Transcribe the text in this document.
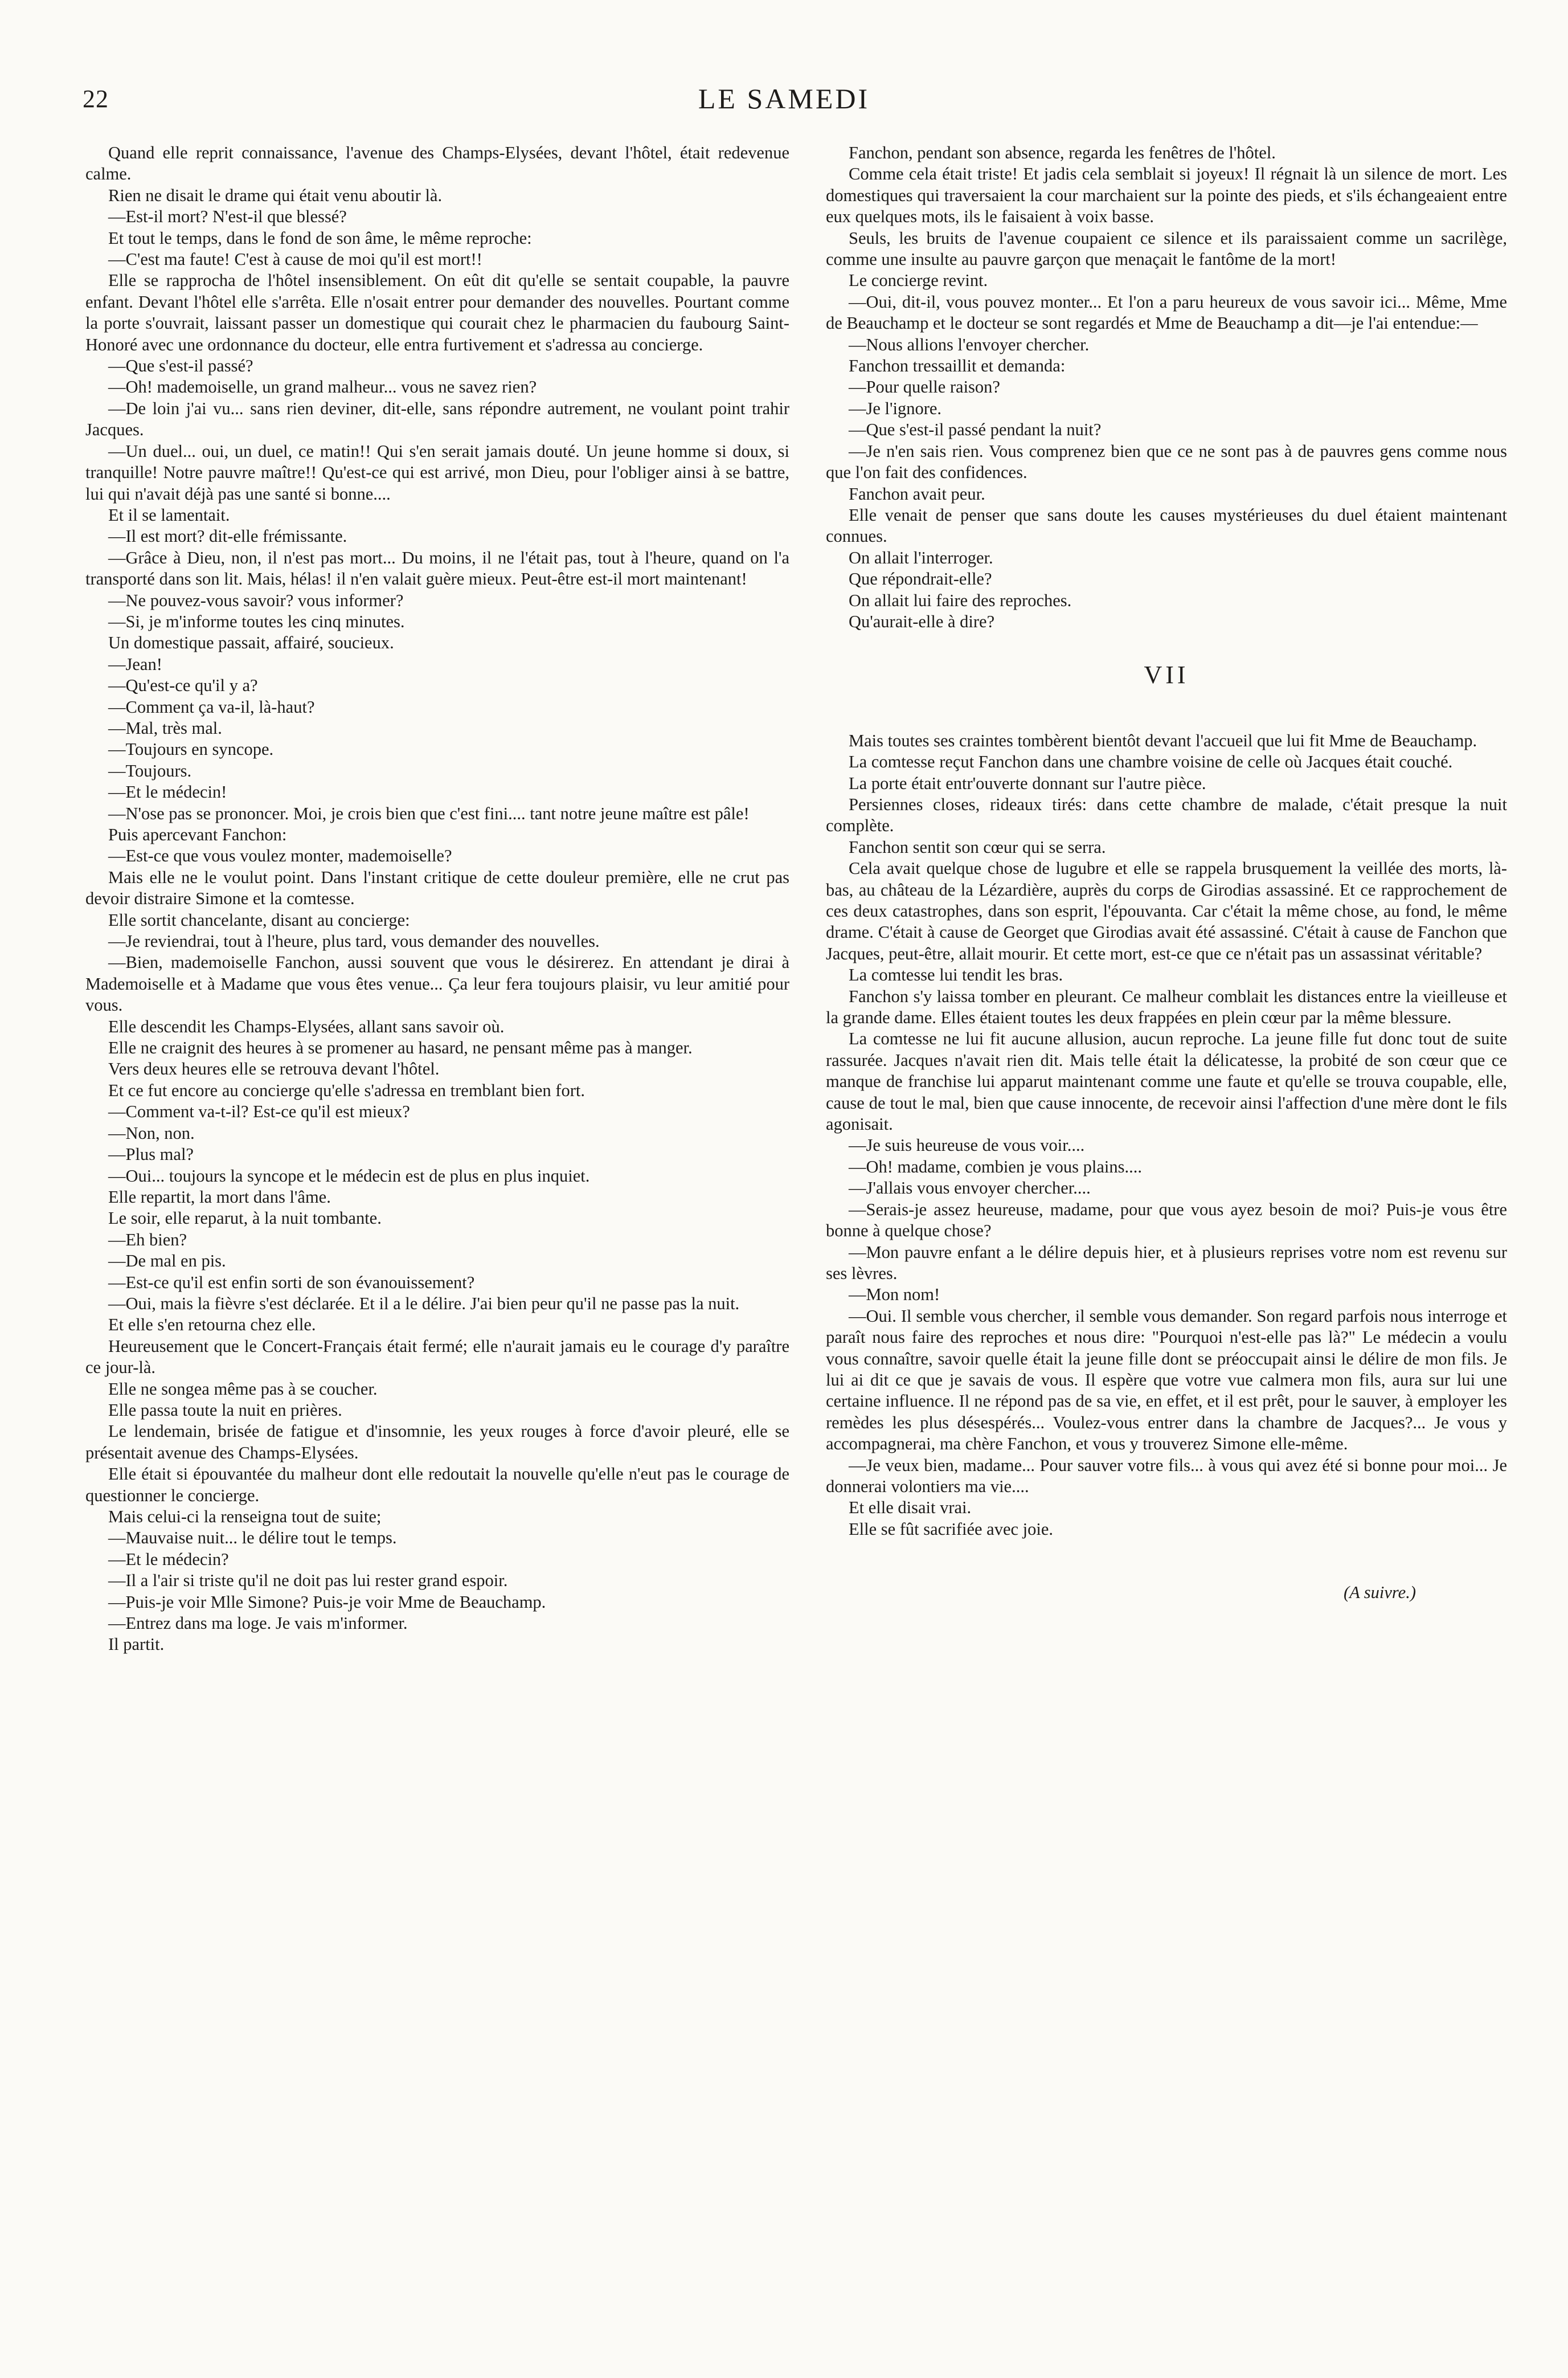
22	LE SAMEDI

Quand elle reprit connaissance, l'avenue des Champs-Elysées, devant l'hôtel, était redevenue calme.

Rien ne disait le drame qui était venu aboutir là.

—Est-il mort? N'est-il que blessé?

Et tout le temps, dans le fond de son âme, le même reproche:

—C'est ma faute! C'est à cause de moi qu'il est mort!!

Elle se rapprocha de l'hôtel insensiblement. On eût dit qu'elle se sentait coupable, la pauvre enfant. Devant l'hôtel elle s'arrêta. Elle n'osait entrer pour demander des nouvelles. Pourtant comme la porte s'ouvrait, laissant passer un domestique qui courait chez le pharmacien du faubourg Saint-Honoré avec une ordonnance du docteur, elle entra furtivement et s'adressa au concierge.

—Que s'est-il passé?

—Oh! mademoiselle, un grand malheur... vous ne savez rien?

—De loin j'ai vu... sans rien deviner, dit-elle, sans répondre autrement, ne voulant point trahir Jacques.

—Un duel... oui, un duel, ce matin!! Qui s'en serait jamais douté. Un jeune homme si doux, si tranquille! Notre pauvre maître!! Qu'est-ce qui est arrivé, mon Dieu, pour l'obliger ainsi à se battre, lui qui n'avait déjà pas une santé si bonne....

Et il se lamentait.

—Il est mort? dit-elle frémissante.

—Grâce à Dieu, non, il n'est pas mort... Du moins, il ne l'était pas, tout à l'heure, quand on l'a transporté dans son lit. Mais, hélas! il n'en valait guère mieux. Peut-être est-il mort maintenant!

—Ne pouvez-vous savoir? vous informer?

—Si, je m'informe toutes les cinq minutes.

Un domestique passait, affairé, soucieux.

—Jean!

—Qu'est-ce qu'il y a?

—Comment ça va-il, là-haut?

—Mal, très mal.

—Toujours en syncope.

—Toujours.

—Et le médecin!

—N'ose pas se prononcer. Moi, je crois bien que c'est fini.... tant notre jeune maître est pâle!

Puis apercevant Fanchon:

—Est-ce que vous voulez monter, mademoiselle?

Mais elle ne le voulut point. Dans l'instant critique de cette douleur première, elle ne crut pas devoir distraire Simone et la comtesse.

Elle sortit chancelante, disant au concierge:

—Je reviendrai, tout à l'heure, plus tard, vous demander des nouvelles.

—Bien, mademoiselle Fanchon, aussi souvent que vous le désirerez. En attendant je dirai à Mademoiselle et à Madame que vous êtes venue... Ça leur fera toujours plaisir, vu leur amitié pour vous.

Elle descendit les Champs-Elysées, allant sans savoir où.

Elle ne craignit des heures à se promener au hasard, ne pensant même pas à manger.

Vers deux heures elle se retrouva devant l'hôtel.

Et ce fut encore au concierge qu'elle s'adressa en tremblant bien fort.

—Comment va-t-il? Est-ce qu'il est mieux?

—Non, non.

—Plus mal?

—Oui... toujours la syncope et le médecin est de plus en plus inquiet.

Elle repartit, la mort dans l'âme.

Le soir, elle reparut, à la nuit tombante.

—Eh bien?

—De mal en pis.

—Est-ce qu'il est enfin sorti de son évanouissement?

—Oui, mais la fièvre s'est déclarée. Et il a le délire. J'ai bien peur qu'il ne passe pas la nuit.

Et elle s'en retourna chez elle.

Heureusement que le Concert-Français était fermé; elle n'aurait jamais eu le courage d'y paraître ce jour-là.

Elle ne songea même pas à se coucher.

Elle passa toute la nuit en prières.

Le lendemain, brisée de fatigue et d'insomnie, les yeux rouges à force d'avoir pleuré, elle se présentait avenue des Champs-Elysées.

Elle était si épouvantée du malheur dont elle redoutait la nouvelle qu'elle n'eut pas le courage de questionner le concierge.

Mais celui-ci la renseigna tout de suite;

—Mauvaise nuit... le délire tout le temps.

—Et le médecin?

—Il a l'air si triste qu'il ne doit pas lui rester grand espoir.

—Puis-je voir Mlle Simone? Puis-je voir Mme de Beauchamp.

—Entrez dans ma loge. Je vais m'informer.

Il partit.

Fanchon, pendant son absence, regarda les fenêtres de l'hôtel.

Comme cela était triste! Et jadis cela semblait si joyeux! Il régnait là un silence de mort. Les domestiques qui traversaient la cour marchaient sur la pointe des pieds, et s'ils échangeaient entre eux quelques mots, ils le faisaient à voix basse.

Seuls, les bruits de l'avenue coupaient ce silence et ils paraissaient comme un sacrilège, comme une insulte au pauvre garçon que menaçait le fantôme de la mort!

Le concierge revint.

—Oui, dit-il, vous pouvez monter... Et l'on a paru heureux de vous savoir ici... Même, Mme de Beauchamp et le docteur se sont regardés et Mme de Beauchamp a dit—je l'ai entendue:—

—Nous allions l'envoyer chercher.

Fanchon tressaillit et demanda:

—Pour quelle raison?

—Je l'ignore.

—Que s'est-il passé pendant la nuit?

—Je n'en sais rien. Vous comprenez bien que ce ne sont pas à de pauvres gens comme nous que l'on fait des confidences.

Fanchon avait peur.

Elle venait de penser que sans doute les causes mystérieuses du duel étaient maintenant connues.

On allait l'interroger.

Que répondrait-elle?

On allait lui faire des reproches.

Qu'aurait-elle à dire?

VII

Mais toutes ses craintes tombèrent bientôt devant l'accueil que lui fit Mme de Beauchamp.

La comtesse reçut Fanchon dans une chambre voisine de celle où Jacques était couché.

La porte était entr'ouverte donnant sur l'autre pièce.

Persiennes closes, rideaux tirés: dans cette chambre de malade, c'était presque la nuit complète.

Fanchon sentit son cœur qui se serra.

Cela avait quelque chose de lugubre et elle se rappela brusquement la veillée des morts, là-bas, au château de la Lézardière, auprès du corps de Girodias assassiné. Et ce rapprochement de ces deux catastrophes, dans son esprit, l'épouvanta. Car c'était la même chose, au fond, le même drame. C'était à cause de Georget que Girodias avait été assassiné. C'était à cause de Fanchon que Jacques, peut-être, allait mourir. Et cette mort, est-ce que ce n'était pas un assassinat véritable?

La comtesse lui tendit les bras.

Fanchon s'y laissa tomber en pleurant. Ce malheur comblait les distances entre la vieilleuse et la grande dame. Elles étaient toutes les deux frappées en plein cœur par la même blessure.

La comtesse ne lui fit aucune allusion, aucun reproche. La jeune fille fut donc tout de suite rassurée. Jacques n'avait rien dit. Mais telle était la délicatesse, la probité de son cœur que ce manque de franchise lui apparut maintenant comme une faute et qu'elle se trouva coupable, elle, cause de tout le mal, bien que cause innocente, de recevoir ainsi l'affection d'une mère dont le fils agonisait.

—Je suis heureuse de vous voir....

—Oh! madame, combien je vous plains....

—J'allais vous envoyer chercher....

—Serais-je assez heureuse, madame, pour que vous ayez besoin de moi? Puis-je vous être bonne à quelque chose?

—Mon pauvre enfant a le délire depuis hier, et à plusieurs reprises votre nom est revenu sur ses lèvres.

—Mon nom!

—Oui. Il semble vous chercher, il semble vous demander. Son regard parfois nous interroge et paraît nous faire des reproches et nous dire: "Pourquoi n'est-elle pas là?" Le médecin a voulu vous connaître, savoir quelle était la jeune fille dont se préoccupait ainsi le délire de mon fils. Je lui ai dit ce que je savais de vous. Il espère que votre vue calmera mon fils, aura sur lui une certaine influence. Il ne répond pas de sa vie, en effet, et il est prêt, pour le sauver, à employer les remèdes les plus désespérés... Voulez-vous entrer dans la chambre de Jacques?... Je vous y accompagnerai, ma chère Fanchon, et vous y trouverez Simone elle-même.

—Je veux bien, madame... Pour sauver votre fils... à vous qui avez été si bonne pour moi... Je donnerai volontiers ma vie....

Et elle disait vrai.

Elle se fût sacrifiée avec joie.

(A suivre.)
